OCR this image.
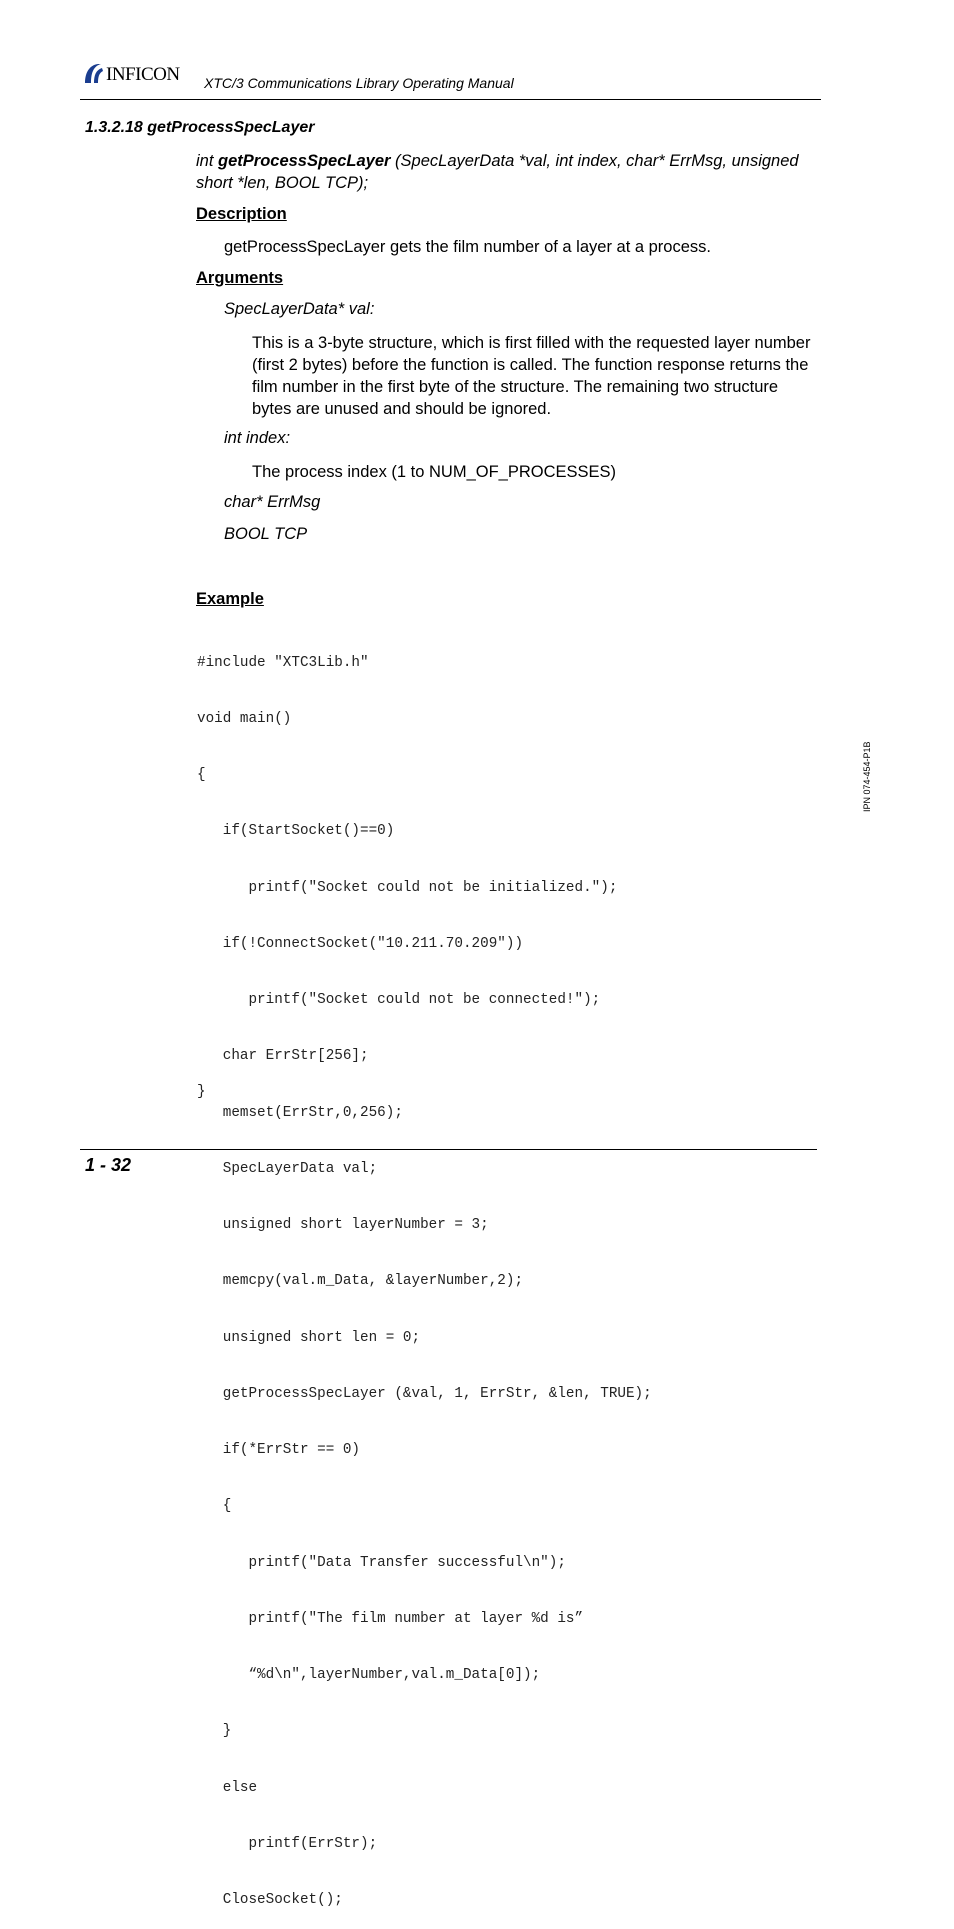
INFICON XTC/3 Communications Library Operating Manual
1.3.2.18 getProcessSpecLayer
int getProcessSpecLayer (SpecLayerData *val, int index, char* ErrMsg, unsigned short *len, BOOL TCP);
Description
getProcessSpecLayer gets the film number of a layer at a process.
Arguments
SpecLayerData* val:
This is a 3-byte structure, which is first filled with the requested layer number (first 2 bytes) before the function is called. The function response returns the film number in the first byte of the structure. The remaining two structure bytes are unused and should be ignored.
int index:
The process index (1 to NUM_OF_PROCESSES)
char* ErrMsg
BOOL TCP
Example

#include "XTC3Lib.h"

void main()

{

if(StartSocket()==0)

printf("Socket could not be initialized.");

if(!ConnectSocket("10.211.70.209"))

printf("Socket could not be connected!");

char ErrStr[256];

memset(ErrStr,0,256);

SpecLayerData val;

unsigned short layerNumber = 3;

memcpy(val.m_Data, &layerNumber,2);

unsigned short len = 0;

getProcessSpecLayer (&val, 1, ErrStr, &len, TRUE);

if(*ErrStr == 0)

{

printf("Data Transfer successful\n");

printf("The film number at layer %d is”

“%d\n",layerNumber,val.m_Data[0]);

}

else

printf(ErrStr);

CloseSocket();

}
IPN 074-454-P1B
1 - 32
